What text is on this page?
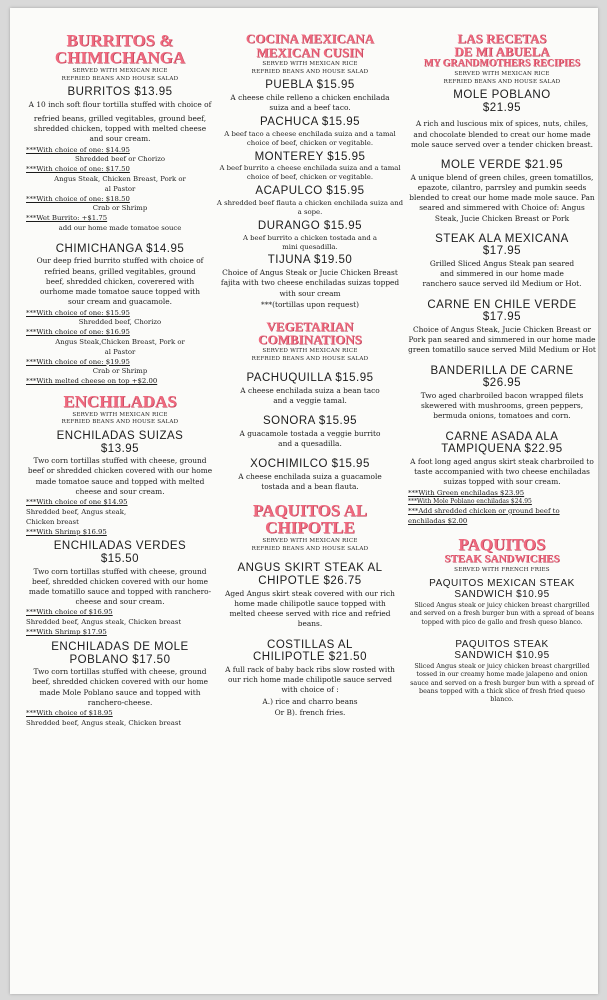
BURRITOS & CHIMICHANGA
SERVED WITH MEXICAN RICE
REFRIED BEANS AND HOUSE SALAD
BURRITOS $13.95
A 10 inch soft flour tortilla stuffed with choice of
refried beans, grilled vegitables, ground beef, shredded chicken, topped with melted cheese and sour cream.
***With choice of one: $14.95
Shredded beef or Chorizo
***With choice of one: $17.50
Angus Steak, Chicken Breast, Pork or al Pastor
***With choice of one: $18.50
Crab or Shrimp
***Wet Burrito: +$1.75
add our home made tomatoe souce
CHIMICHANGA $14.95
Our deep fried burrito stuffed with choice of refried beans, grilled vegitables, ground beef, shredded chicken, coverered with ourhome made tomatoe sauce topped with sour cream and guacamole.
***With choice of one: $15.95
Shredded beef, Chorizo
***With choice of one: $16.95
Angus Steak,Chicken Breast, Pork or al Pastor
***With choice of one: $19.95
Crab or Shrimp
***With melted cheese on top +$2.00
ENCHILADAS
SERVED WITH MEXICAN RICE
REFRIED BEANS AND HOUSE SALAD
ENCHILADAS SUIZAS $13.95
Two corn tortillas stuffed with cheese, ground beef or shredded chicken covered with our home made tomatoe sauce and topped with melted cheese and sour cream.
***With choice of one $14.95
Shredded beef, Angus steak, Chicken breast
***With Shrimp $16.95
ENCHILADAS VERDES $15.50
Two corn tortillas stuffed with cheese, ground beef, shredded chicken covered with our home made tomatillo sauce and topped with ranchero-cheese and sour cream.
***With choice of $16.95
Shredded beef, Angus steak, Chicken breast
***With Shrimp $17.95
ENCHILADAS DE MOLE POBLANO $17.50
Two corn tortillas stuffed with cheese, ground beef, shredded chicken covered with our home made Mole Poblano sauce and topped with ranchero-cheese.
***With choice of $18.95
Shredded beef, Angus steak, Chicken breast
COCINA MEXICANA
MEXICAN CUSIN
SERVED WITH MEXICAN RICE
REFRIED BEANS AND HOUSE SALAD
PUEBLA $15.95
A cheese chile relleno a chicken enchilada suiza and a beef taco.
PACHUCA $15.95
A beef taco a cheese enchilada suiza and a tamal choice of beef, chicken or vegitable.
MONTEREY $15.95
A beef burrito a cheese enchilada suiza and a tamal choice of beef, chicken or vegitable.
ACAPULCO $15.95
A shredded beef flauta a chicken enchilada suiza and a sope.
DURANGO $15.95
A beef burrito a chicken tostada and a mini quesadilla.
TIJUNA $19.50
Choice of Angus Steak or Jucie Chicken Breast fajita with two cheese enchiladas suizas topped with sour cream
***(tortillas upon request)
VEGETARIAN COMBINATIONS
SERVED WITH MEXICAN RICE
REFRIED BEANS AND HOUSE SALAD
PACHUQUILLA $15.95
A cheese enchilada suiza a bean taco and a veggie tamal.
SONORA $15.95
A guacamole tostada a veggie burrito and a quesadilla.
XOCHIMILCO $15.95
A cheese enchilada suiza a guacamole tostada and a bean flauta.
PAQUITOS AL CHIPOTLE
SERVED WITH MEXICAN RICE
REFRIED BEANS AND HOUSE SALAD
ANGUS SKIRT STEAK AL CHIPOTLE $26.75
Aged Angus skirt steak covered with our rich home made chilipotle sauce topped with melted cheese served with rice and refried beans.
COSTILLAS AL CHILIPOTLE $21.50
A full rack of baby back ribs slow rosted with our rich home made chilipotle sauce served with choice of :
A.) rice and charro beans
Or B). french fries.
LAS RECETAS DE MI ABUELA
MY GRANDMOTHERS RECIPIES
SERVED WITH MEXICAN RICE
REFRIED BEANS AND HOUSE SALAD
MOLE POBLANO $21.95
A rich and luscious mix of spices, nuts, chiles, and chocolate blended to creat our home made mole sauce served over a tender chicken breast.
MOLE VERDE $21.95
A unique blend of green chiles, green tomatillos, epazote, cilantro, parrsley and pumkin seeds blended to creat our home made mole sauce. Pan seared and simmered with Choice of: Angus Steak, Jucie Chicken Breast or Pork
STEAK ALA MEXICANA $17.95
Grilled Sliced Angus Steak pan seared and simmered in our home made ranchero sauce served ild Medium or Hot.
CARNE EN CHILE VERDE $17.95
Choice of Angus Steak, Jucie Chicken Breast or Pork pan seared and simmered in our home made green tomatillo sauce served Mild Medium or Hot
BANDERILLA DE CARNE $26.95
Two aged charbroiled bacon wrapped filets skewered with mushrooms, green peppers, bermuda onions, tomatoes and corn.
CARNE ASADA ALA TAMPIQUENA $22.95
A foot long aged angus skirt steak charbroiled to taste accompanied with two cheese enchiladas suizas topped with sour cream.
***With Green enchiladas $23.95
***With Mole Poblano enchiladas $24.95
***Add shredded chicken or ground beef to enchiladas $2.00
PAQUITOS
STEAK SANDWICHES
SERVED WITH FRENCH FRIES
PAQUITOS MEXICAN STEAK SANDWICH $10.95
Sliced Angus steak or juicy chicken breast chargrilled and served on a fresh burger bun with a spread of beans topped with pico de gallo and fresh queso blanco.
PAQUITOS STEAK SANDWICH $10.95
Sliced Angus steak or juicy chicken breast chargrilled tossed in our creamy home made jalapeno and onion sauce and served on a fresh burger bun with a spread of beans topped with a thick slice of fresh fried queso blanco.
